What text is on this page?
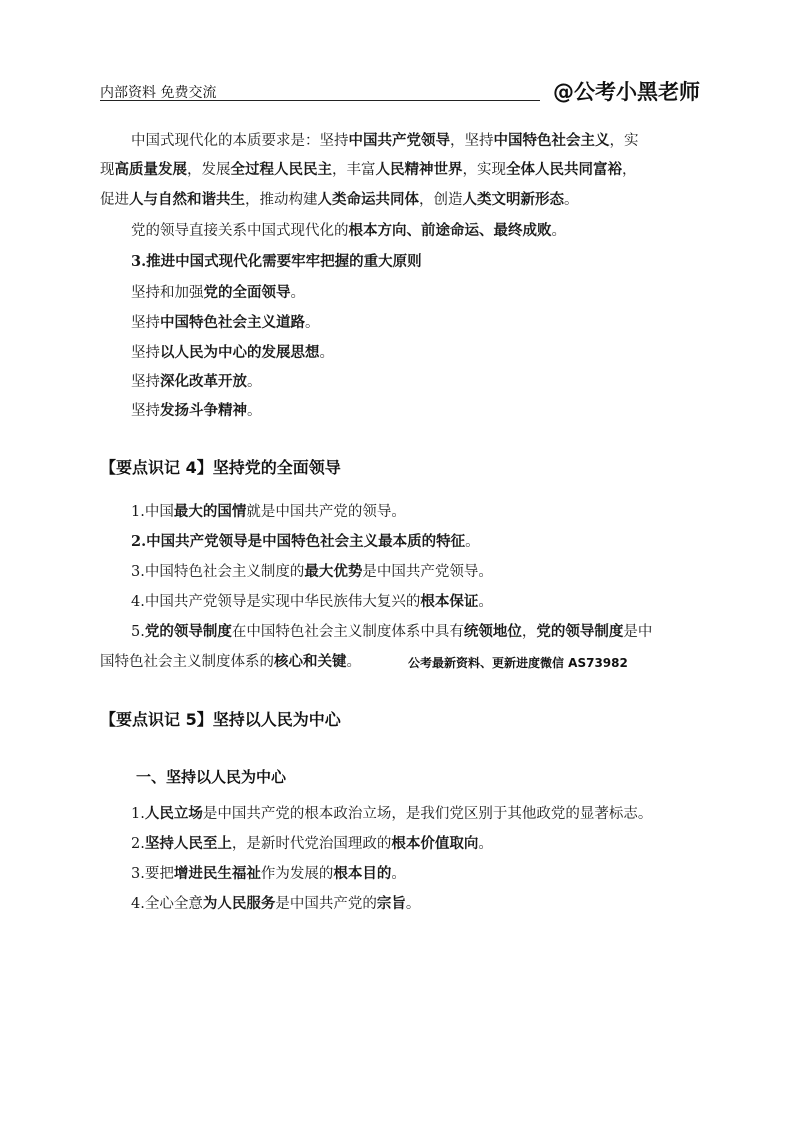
内部资料 免费交流	@公考小黑老师
中国式现代化的本质要求是：坚持中国共产党领导，坚持中国特色社会主义，实
现高质量发展，发展全过程人民民主，丰富人民精神世界，实现全体人民共同富裕，
促进人与自然和谐共生，推动构建人类命运共同体，创造人类文明新形态。
党的领导直接关系中国式现代化的根本方向、前途命运、最终成败。
3.推进中国式现代化需要牢牢把握的重大原则
坚持和加强党的全面领导。
坚持中国特色社会主义道路。
坚持以人民为中心的发展思想。
坚持深化改革开放。
坚持发扬斗争精神。
【要点识记 4】坚持党的全面领导
1.中国最大的国情就是中国共产党的领导。
2.中国共产党领导是中国特色社会主义最本质的特征。
3.中国特色社会主义制度的最大优势是中国共产党领导。
4.中国共产党领导是实现中华民族伟大复兴的根本保证。
5.党的领导制度在中国特色社会主义制度体系中具有统领地位，党的领导制度是中
国特色社会主义制度体系的核心和关键。	公考最新资料、更新进度微信 AS73982
【要点识记 5】坚持以人民为中心
一、坚持以人民为中心
1.人民立场是中国共产党的根本政治立场，是我们党区别于其他政党的显著标志。
2.坚持人民至上，是新时代党治国理政的根本价值取向。
3.要把增进民生福祉作为发展的根本目的。
4.全心全意为人民服务是中国共产党的宗旨。
